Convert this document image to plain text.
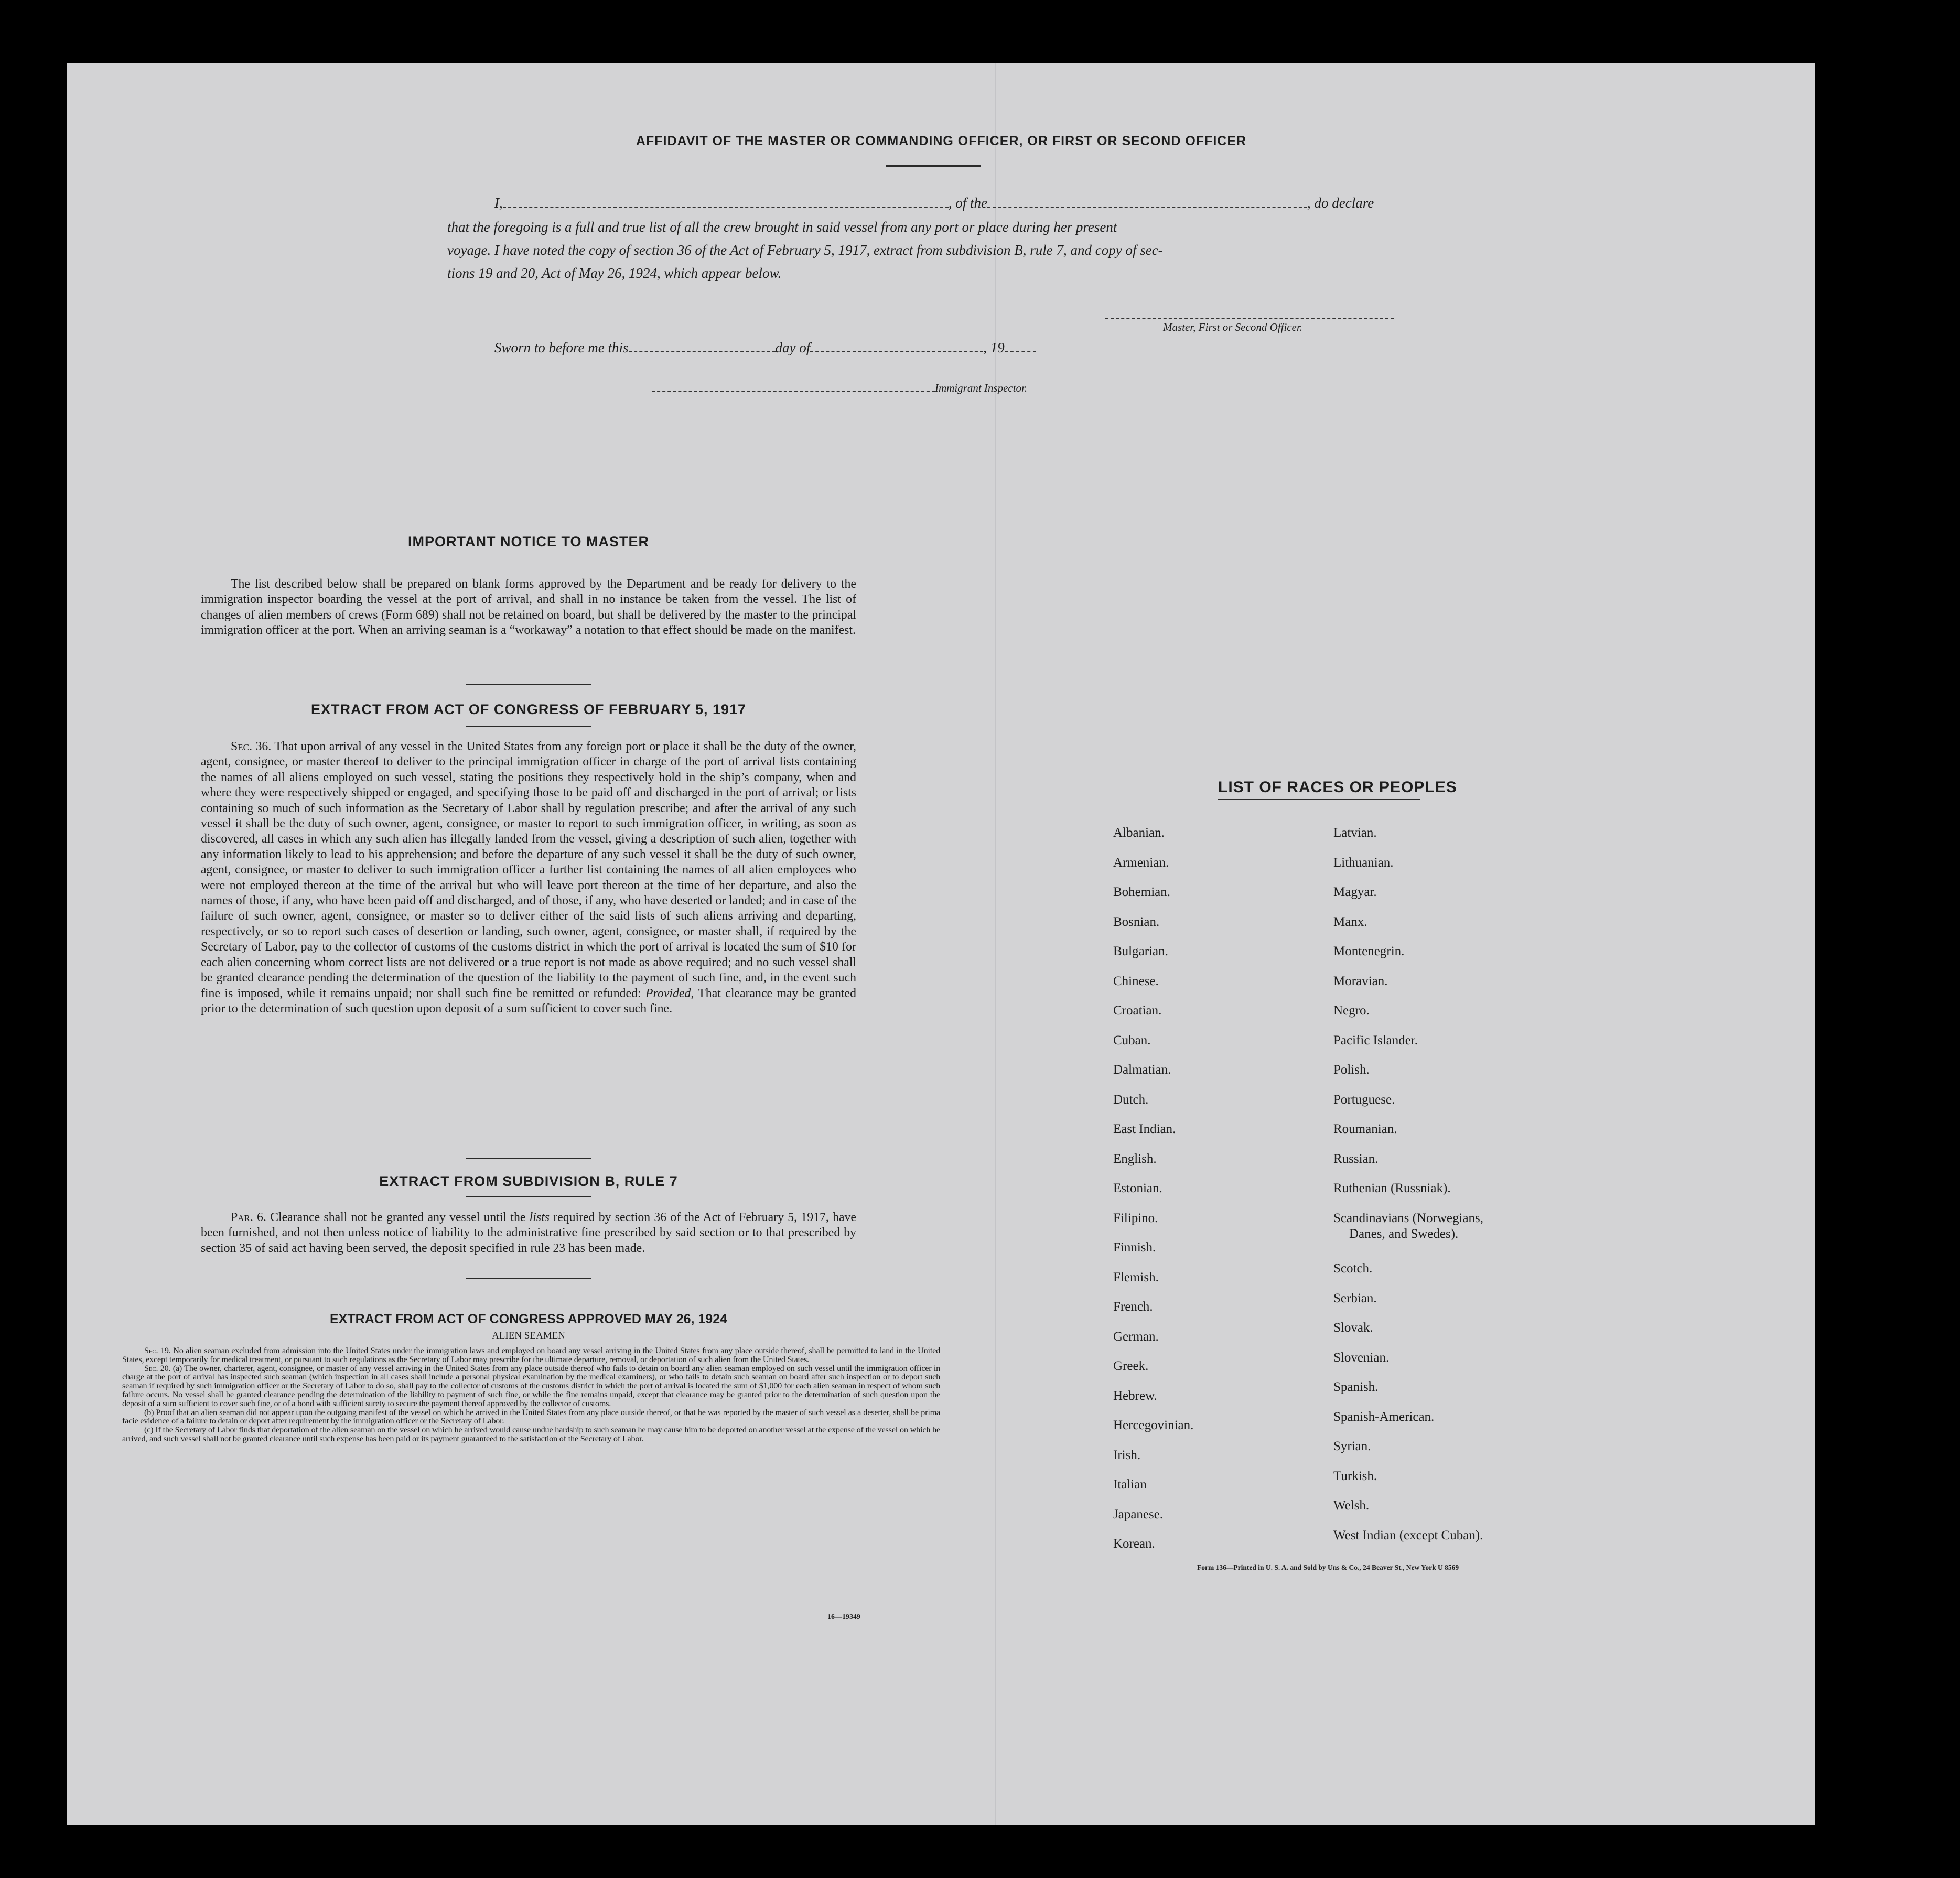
AFFIDAVIT OF THE MASTER OR COMMANDING OFFICER, OR FIRST OR SECOND OFFICER
I,	, of the	, do declare
that the foregoing is a full and true list of all the crew brought in said vessel from any port or place during her present
voyage. I have noted the copy of section 36 of the Act of February 5, 1917, extract from subdivision B, rule 7, and copy of sec-
tions 19 and 20, Act of May 26, 1924, which appear below.
Master, First or Second Officer.
Sworn to before me this	day of	, 19
Immigrant Inspector.
IMPORTANT NOTICE TO MASTER

The list described below shall be prepared on blank forms approved by the Department and be ready for delivery to the immigration inspector boarding the vessel at the port of arrival, and shall in no instance be taken from the vessel. The list of changes of alien members of crews (Form 689) shall not be retained on board, but shall be delivered by the master to the principal immigration officer at the port. When an arriving seaman is a “workaway” a notation to that effect should be made on the manifest.

EXTRACT FROM ACT OF CONGRESS OF FEBRUARY 5, 1917

Sec. 36. That upon arrival of any vessel in the United States from any foreign port or place it shall be the duty of the owner, agent, consignee, or master thereof to deliver to the principal immigration officer in charge of the port of arrival lists containing the names of all aliens employed on such vessel, stating the positions they respectively hold in the ship’s company, when and where they were respectively shipped or engaged, and specifying those to be paid off and discharged in the port of arrival; or lists containing so much of such information as the Secretary of Labor shall by regulation prescribe; and after the arrival of any such vessel it shall be the duty of such owner, agent, consignee, or master to report to such immigration officer, in writing, as soon as discovered, all cases in which any such alien has illegally landed from the vessel, giving a description of such alien, together with any information likely to lead to his apprehension; and before the departure of any such vessel it shall be the duty of such owner, agent, consignee, or master to deliver to such immigration officer a further list containing the names of all alien employees who were not employed thereon at the time of the arrival but who will leave port thereon at the time of her departure, and also the names of those, if any, who have been paid off and discharged, and of those, if any, who have deserted or landed; and in case of the failure of such owner, agent, consignee, or master so to deliver either of the said lists of such aliens arriving and departing, respectively, or so to report such cases of desertion or landing, such owner, agent, consignee, or master shall, if required by the Secretary of Labor, pay to the collector of customs of the customs district in which the port of arrival is located the sum of $10 for each alien concerning whom correct lists are not delivered or a true report is not made as above required; and no such vessel shall be granted clearance pending the determination of the question of the liability to the payment of such fine, and, in the event such fine is imposed, while it remains unpaid; nor shall such fine be remitted or refunded: Provided, That clearance may be granted prior to the determination of such question upon deposit of a sum sufficient to cover such fine.

EXTRACT FROM SUBDIVISION B, RULE 7

Par. 6. Clearance shall not be granted any vessel until the lists required by section 36 of the Act of February 5, 1917, have been furnished, and not then unless notice of liability to the administrative fine prescribed by said section or to that prescribed by section 35 of said act having been served, the deposit specified in rule 23 has been made.

EXTRACT FROM ACT OF CONGRESS APPROVED MAY 26, 1924
ALIEN SEAMEN

Sec. 19. No alien seaman excluded from admission into the United States under the immigration laws and employed on board any vessel arriving in the United States from any place outside thereof, shall be permitted to land in the United States, except temporarily for medical treatment, or pursuant to such regulations as the Secretary of Labor may prescribe for the ultimate departure, removal, or deportation of such alien from the United States.

Sec. 20. (a) The owner, charterer, agent, consignee, or master of any vessel arriving in the United States from any place outside thereof who fails to detain on board any alien seaman employed on such vessel until the immigration officer in charge at the port of arrival has inspected such seaman (which inspection in all cases shall include a personal physical examination by the medical examiners), or who fails to detain such seaman on board after such inspection or to deport such seaman if required by such immigration officer or the Secretary of Labor to do so, shall pay to the collector of customs of the customs district in which the port of arrival is located the sum of $1,000 for each alien seaman in respect of whom such failure occurs. No vessel shall be granted clearance pending the determination of the liability to payment of such fine, or while the fine remains unpaid, except that clearance may be granted prior to the determination of such question upon the deposit of a sum sufficient to cover such fine, or of a bond with sufficient surety to secure the payment thereof approved by the collector of customs.

(b) Proof that an alien seaman did not appear upon the outgoing manifest of the vessel on which he arrived in the United States from any place outside thereof, or that he was reported by the master of such vessel as a deserter, shall be prima facie evidence of a failure to detain or deport after requirement by the immigration officer or the Secretary of Labor.

(c) If the Secretary of Labor finds that deportation of the alien seaman on the vessel on which he arrived would cause undue hardship to such seaman he may cause him to be deported on another vessel at the expense of the vessel on which he arrived, and such vessel shall not be granted clearance until such expense has been paid or its payment guaranteed to the satisfaction of the Secretary of Labor.

16—19349
LIST OF RACES OR PEOPLES
Form 136—Printed in U. S. A. and Sold by Uns & Co., 24 Beaver St., New York U 8569
Albanian.
Armenian.
Bohemian.
Bosnian.
Bulgarian.
Chinese.
Croatian.
Cuban.
Dalmatian.
Dutch.
East Indian.
English.
Estonian.
Filipino.
Finnish.
Flemish.
French.
German.
Greek.
Hebrew.
Hercegovinian.
Irish.
Italian
Japanese.
Korean.
Latvian.
Lithuanian.
Magyar.
Manx.
Montenegrin.
Moravian.
Negro.
Pacific Islander.
Polish.
Portuguese.
Roumanian.
Russian.
Ruthenian (Russniak).
Scandinavians (Norwegians,
Danes, and Swedes).
Scotch.
Serbian.
Slovak.
Slovenian.
Spanish.
Spanish-American.
Syrian.
Turkish.
Welsh.
West Indian (except Cuban).
